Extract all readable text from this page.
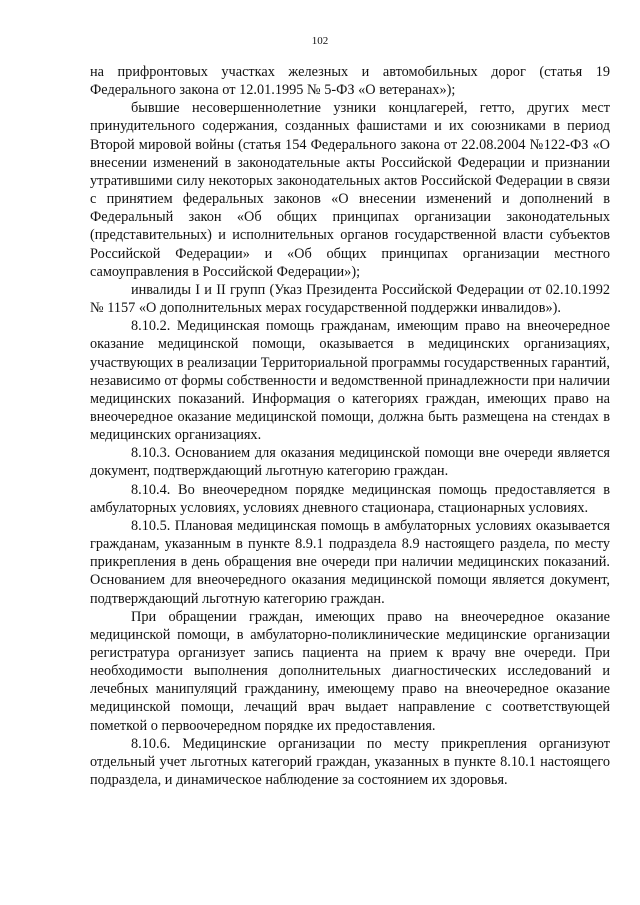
102

на прифронтовых участках железных и автомобильных дорог (статья 19 Федерального закона от 12.01.1995 № 5-ФЗ «О ветеранах»);

бывшие несовершеннолетние узники концлагерей, гетто, других мест принудительного содержания, созданных фашистами и их союзниками в период Второй мировой войны (статья 154 Федерального закона от 22.08.2004 №122-ФЗ «О внесении изменений в законодательные акты Российской Федерации и признании утратившими силу некоторых законодательных актов Российской Федерации в связи с принятием федеральных законов «О внесении изменений и дополнений в Федеральный закон «Об общих принципах организации законодательных (представительных) и исполнительных органов государственной власти субъектов Российской Федерации» и «Об общих принципах организации местного самоуправления в Российской Федерации»);

инвалиды I и II групп (Указ Президента Российской Федерации от 02.10.1992 № 1157 «О дополнительных мерах государственной поддержки инвалидов»).

8.10.2. Медицинская помощь гражданам, имеющим право на внеочередное оказание медицинской помощи, оказывается в медицинских организациях, участвующих в реализации Территориальной программы государственных гарантий, независимо от формы собственности и ведомственной принадлежности при наличии медицинских показаний. Информация о категориях граждан, имеющих право на внеочередное оказание медицинской помощи, должна быть размещена на стендах в медицинских организациях.

8.10.3. Основанием для оказания медицинской помощи вне очереди является документ, подтверждающий льготную категорию граждан.

8.10.4. Во внеочередном порядке медицинская помощь предоставляется в амбулаторных условиях, условиях дневного стационара, стационарных условиях.

8.10.5. Плановая медицинская помощь в амбулаторных условиях оказывается гражданам, указанным в пункте 8.9.1 подраздела 8.9 настоящего раздела, по месту прикрепления в день обращения вне очереди при наличии медицинских показаний. Основанием для внеочередного оказания медицинской помощи является документ, подтверждающий льготную категорию граждан.

При обращении граждан, имеющих право на внеочередное оказание медицинской помощи, в амбулаторно-поликлинические медицинские организации регистратура организует запись пациента на прием к врачу вне очереди. При необходимости выполнения дополнительных диагностических исследований и лечебных манипуляций гражданину, имеющему право на внеочередное оказание медицинской помощи, лечащий врач выдает направление с соответствующей пометкой о первоочередном порядке их предоставления.

8.10.6. Медицинские организации по месту прикрепления организуют отдельный учет льготных категорий граждан, указанных в пункте 8.10.1 настоящего подраздела, и динамическое наблюдение за состоянием их здоровья.
